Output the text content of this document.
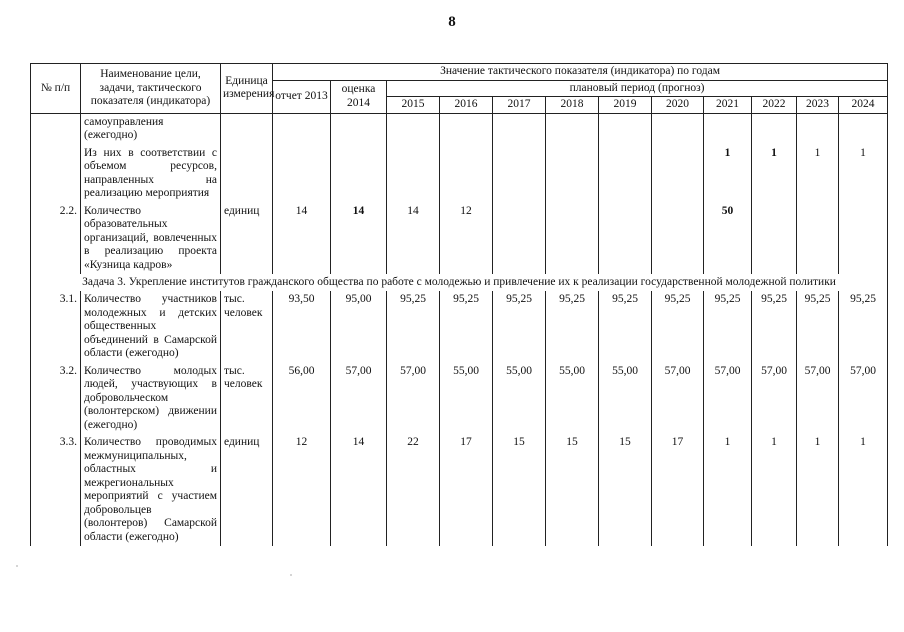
8
№ п/п	Наименование цели, задачи, тактического показателя (индикатора)	Единица измерения	Значение тактического показателя (индикатора) по годам											
			отчет 2013	оценка 2014	плановый период (прогноз)									
					2015	2016	2017	2018	2019	2020	2021	2022	2023	2024
	самоуправления (ежегодно)													
	Из них в соответствии с объемом ресурсов, направленных на реализацию мероприятия										1	1	1	1
2.2.	Количество образовательных организаций, вовлеченных в реализацию проекта «Кузница кадров»	единиц	14	14	14	12					50			
Задача 3. Укрепление институтов гражданского общества по работе с молодежью и привлечение их к реализации государственной молодежной политики														
3.1.	Количество участников молодежных и детских общественных объединений в Самарской области (ежегодно)	тыс. человек	93,50	95,00	95,25	95,25	95,25	95,25	95,25	95,25	95,25	95,25	95,25	95,25
3.2.	Количество молодых людей, участвующих в добровольческом (волонтерском) движении (ежегодно)	тыс. человек	56,00	57,00	57,00	55,00	55,00	55,00	55,00	57,00	57,00	57,00	57,00	57,00
3.3.	Количество проводимых межмуниципальных, областных и межрегиональных мероприятий с участием добровольцев (волонтеров) Самарской области (ежегодно)	единиц	12	14	22	17	15	15	15	17	1	1	1	1
